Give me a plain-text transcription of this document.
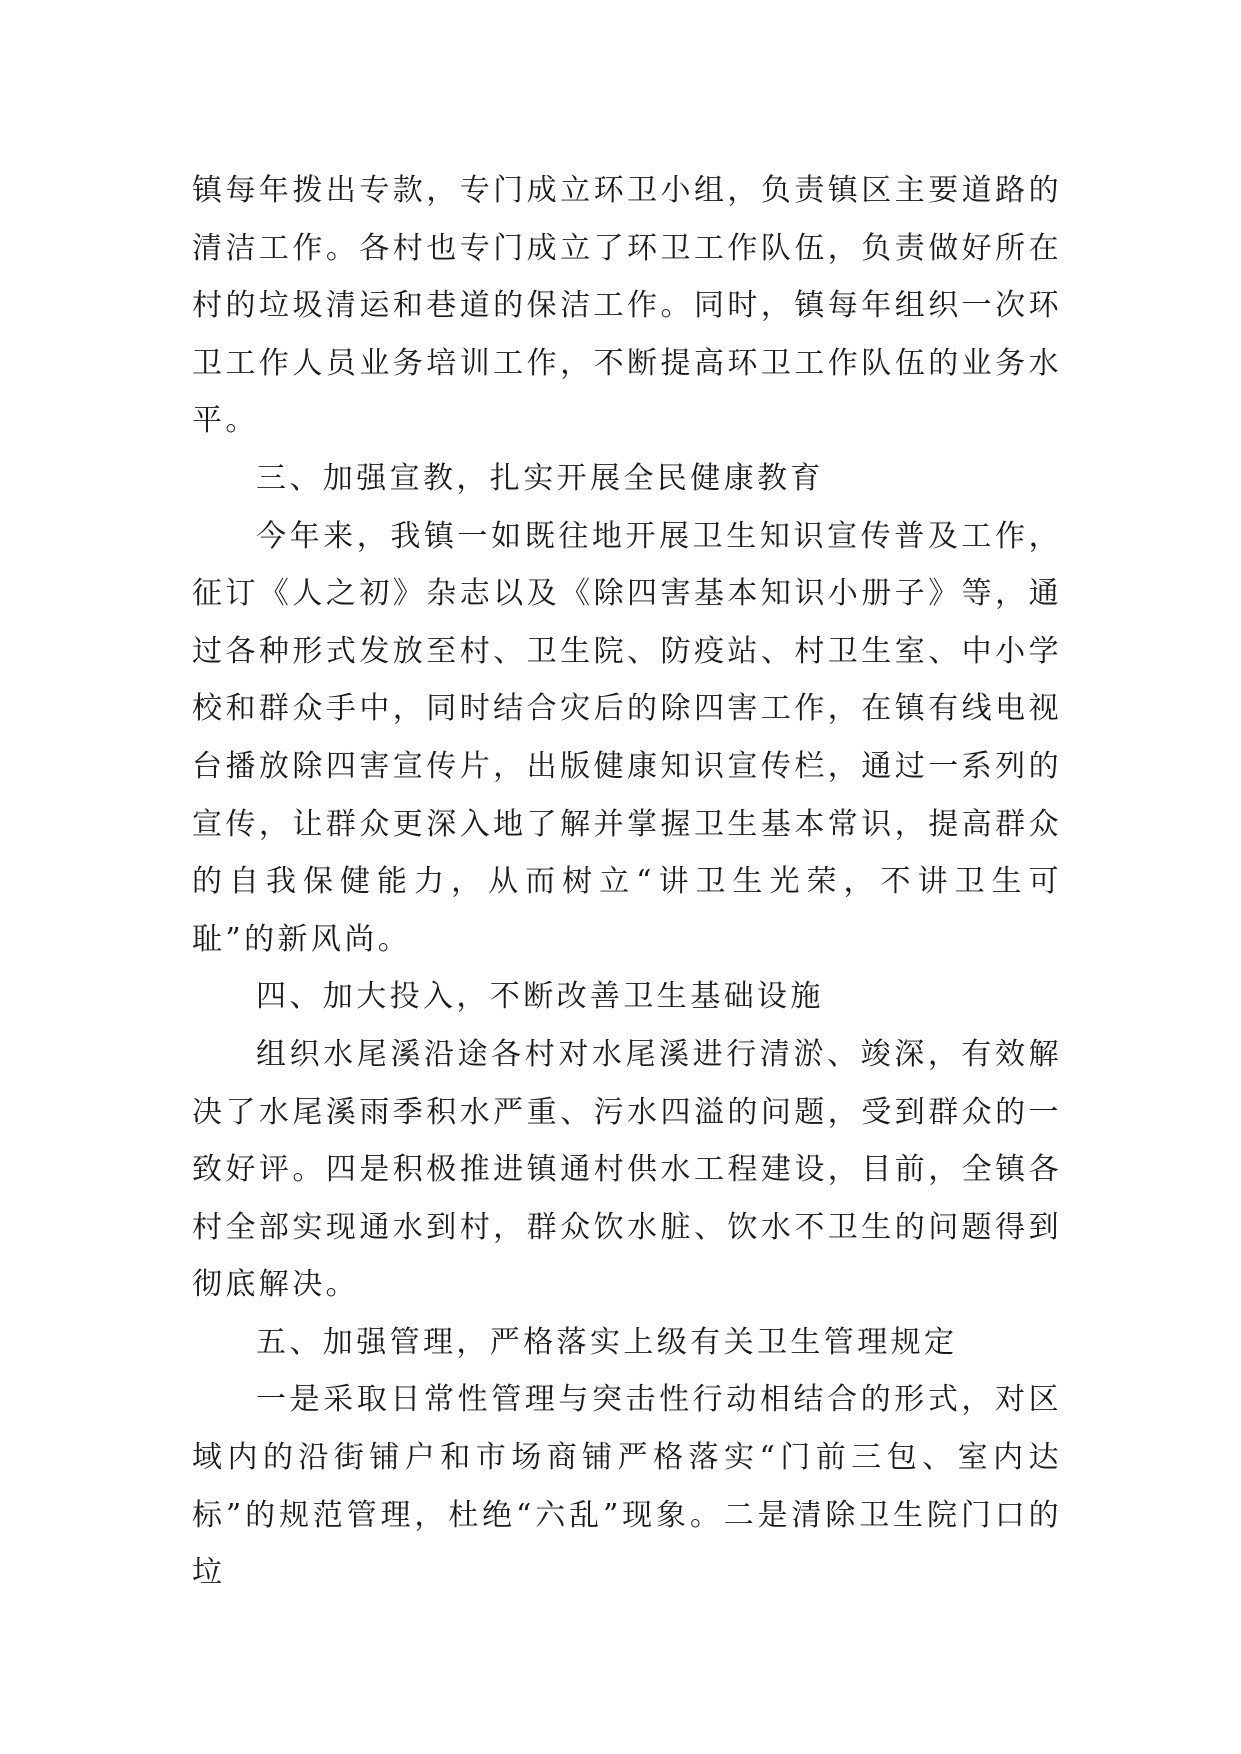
镇每年拨出专款，专门成立环卫小组，负责镇区主要道路的清洁工作。各村也专门成立了环卫工作队伍，负责做好所在村的垃圾清运和巷道的保洁工作。同时，镇每年组织一次环卫工作人员业务培训工作，不断提高环卫工作队伍的业务水平。

三、加强宣教，扎实开展全民健康教育

今年来，我镇一如既往地开展卫生知识宣传普及工作，征订《人之初》杂志以及《除四害基本知识小册子》等，通过各种形式发放至村、卫生院、防疫站、村卫生室、中小学校和群众手中，同时结合灾后的除四害工作，在镇有线电视台播放除四害宣传片，出版健康知识宣传栏，通过一系列的宣传，让群众更深入地了解并掌握卫生基本常识，提高群众的自我保健能力，从而树立“讲卫生光荣，不讲卫生可耻”的新风尚。

四、加大投入，不断改善卫生基础设施

组织水尾溪沿途各村对水尾溪进行清淤、竣深，有效解决了水尾溪雨季积水严重、污水四溢的问题，受到群众的一致好评。四是积极推进镇通村供水工程建设，目前，全镇各村全部实现通水到村，群众饮水脏、饮水不卫生的问题得到彻底解决。

五、加强管理，严格落实上级有关卫生管理规定

一是采取日常性管理与突击性行动相结合的形式，对区域内的沿街铺户和市场商铺严格落实“门前三包、室内达标”的规范管理，杜绝“六乱”现象。二是清除卫生院门口的垃
